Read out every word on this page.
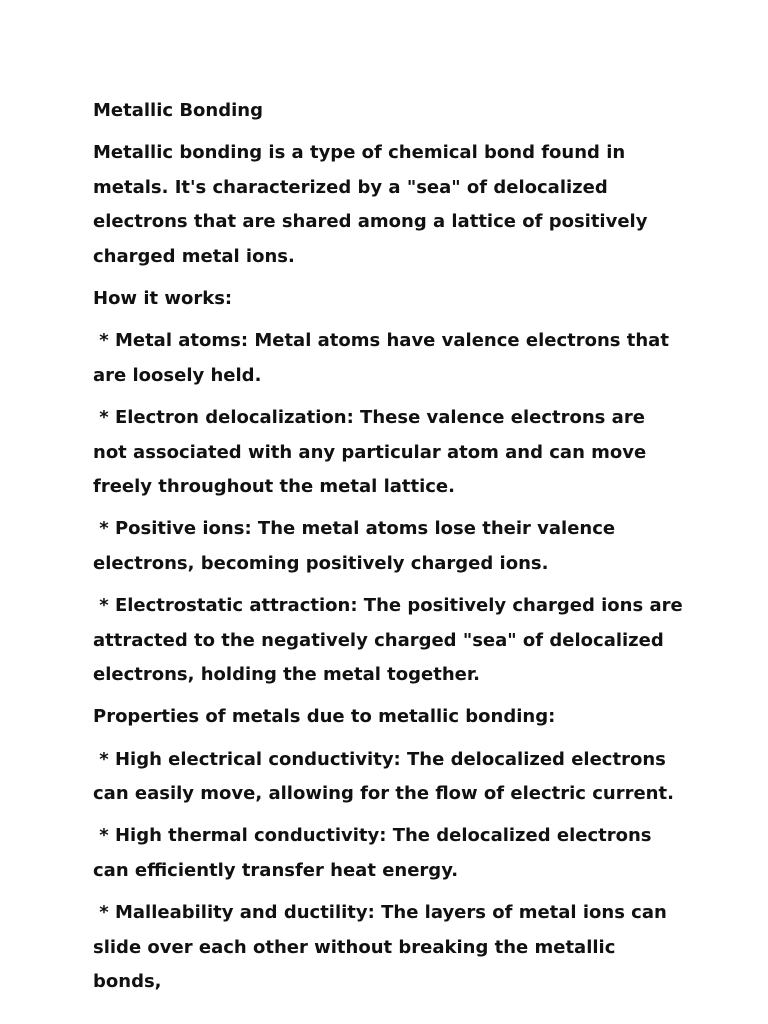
Metallic Bonding

Metallic bonding is a type of chemical bond found in metals. It's characterized by a "sea" of delocalized electrons that are shared among a lattice of positively charged metal ions.

How it works:

* Metal atoms: Metal atoms have valence electrons that are loosely held.

* Electron delocalization: These valence electrons are not associated with any particular atom and can move freely throughout the metal lattice.

* Positive ions: The metal atoms lose their valence electrons, becoming positively charged ions.

* Electrostatic attraction: The positively charged ions are attracted to the negatively charged "sea" of delocalized electrons, holding the metal together.

Properties of metals due to metallic bonding:

* High electrical conductivity: The delocalized electrons can easily move, allowing for the flow of electric current.

* High thermal conductivity: The delocalized electrons can efficiently transfer heat energy.

* Malleability and ductility: The layers of metal ions can slide over each other without breaking the metallic bonds,
